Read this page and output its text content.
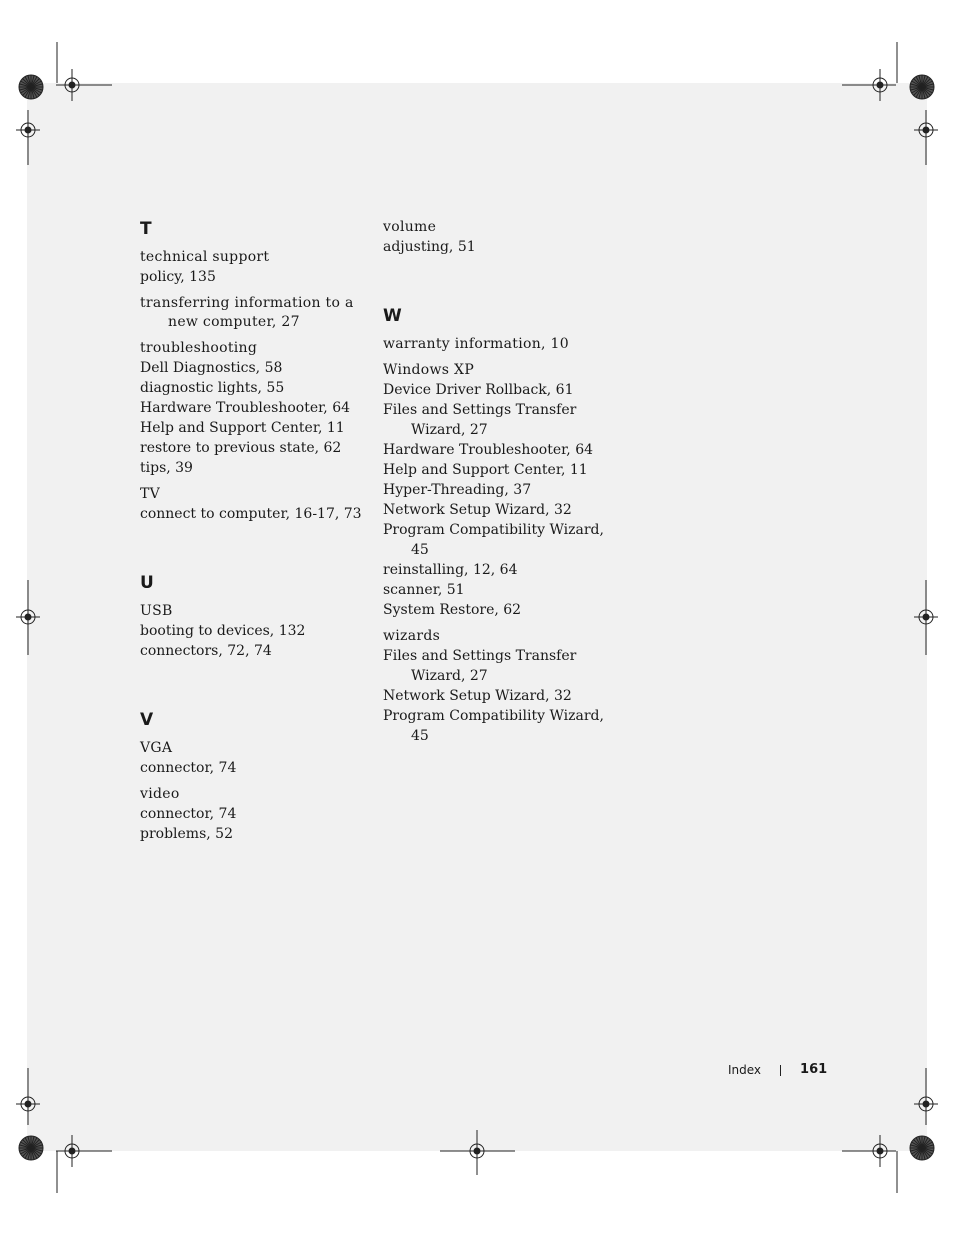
T
technical support
policy, 135
transferring information to a new computer, 27
troubleshooting
Dell Diagnostics, 58
diagnostic lights, 55
Hardware Troubleshooter, 64
Help and Support Center, 11
restore to previous state, 62
tips, 39
TV
connect to computer, 16-17, 73
U
USB
booting to devices, 132
connectors, 72, 74
V
VGA
connector, 74
video
connector, 74
problems, 52
volume
adjusting, 51
W
warranty information, 10
Windows XP
Device Driver Rollback, 61
Files and Settings Transfer Wizard, 27
Hardware Troubleshooter, 64
Help and Support Center, 11
Hyper-Threading, 37
Network Setup Wizard, 32
Program Compatibility Wizard, 45
reinstalling, 12, 64
scanner, 51
System Restore, 62
wizards
Files and Settings Transfer Wizard, 27
Network Setup Wizard, 32
Program Compatibility Wizard, 45
Index	161
